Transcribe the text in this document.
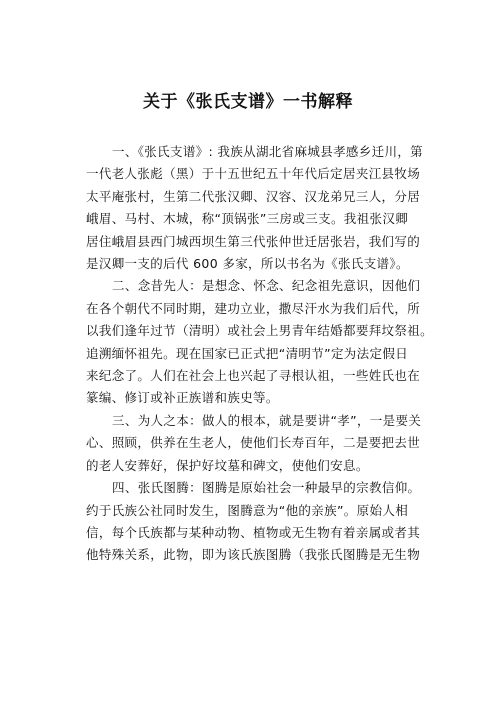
关于《张氏支谱》一书解释

一、《张氏支谱》: 我族从湖北省麻城县孝感乡迁川，第
一代老人张彪（黑）于十五世纪五十年代后定居夹江县牧场
太平庵张村，生第二代张汉卿、汉容、汉龙弟兄三人，分居
峨眉、马村、木城，称“顶锅张”三房或三支。我祖张汉卿
居住峨眉县西门城西坝生第三代张仲世迁居张岩，我们写的
是汉卿一支的后代 600 多家，所以书名为《张氏支谱》。

二、念昔先人：是想念、怀念、纪念祖先意识，因他们
在各个朝代不同时期，建功立业，撒尽汗水为我们后代，所
以我们逢年过节（清明）或社会上男青年结婚都要拜坟祭祖。
追溯缅怀祖先。现在国家已正式把“清明节”定为法定假日
来纪念了。人们在社会上也兴起了寻根认祖，一些姓氏也在
篆编、修订或补正族谱和族史等。

三、为人之本：做人的根本，就是要讲“孝”，一是要关
心、照顾，供养在生老人，使他们长寿百年，二是要把去世
的老人安葬好，保护好坟墓和碑文，使他们安息。

四、张氏图腾：图腾是原始社会一种最早的宗教信仰。
约于氏族公社同时发生，图腾意为“他的亲族”。原始人相
信，每个氏族都与某种动物、植物或无生物有着亲属或者其
他特殊关系，此物，即为该氏族图腾（我张氏图腾是无生物
